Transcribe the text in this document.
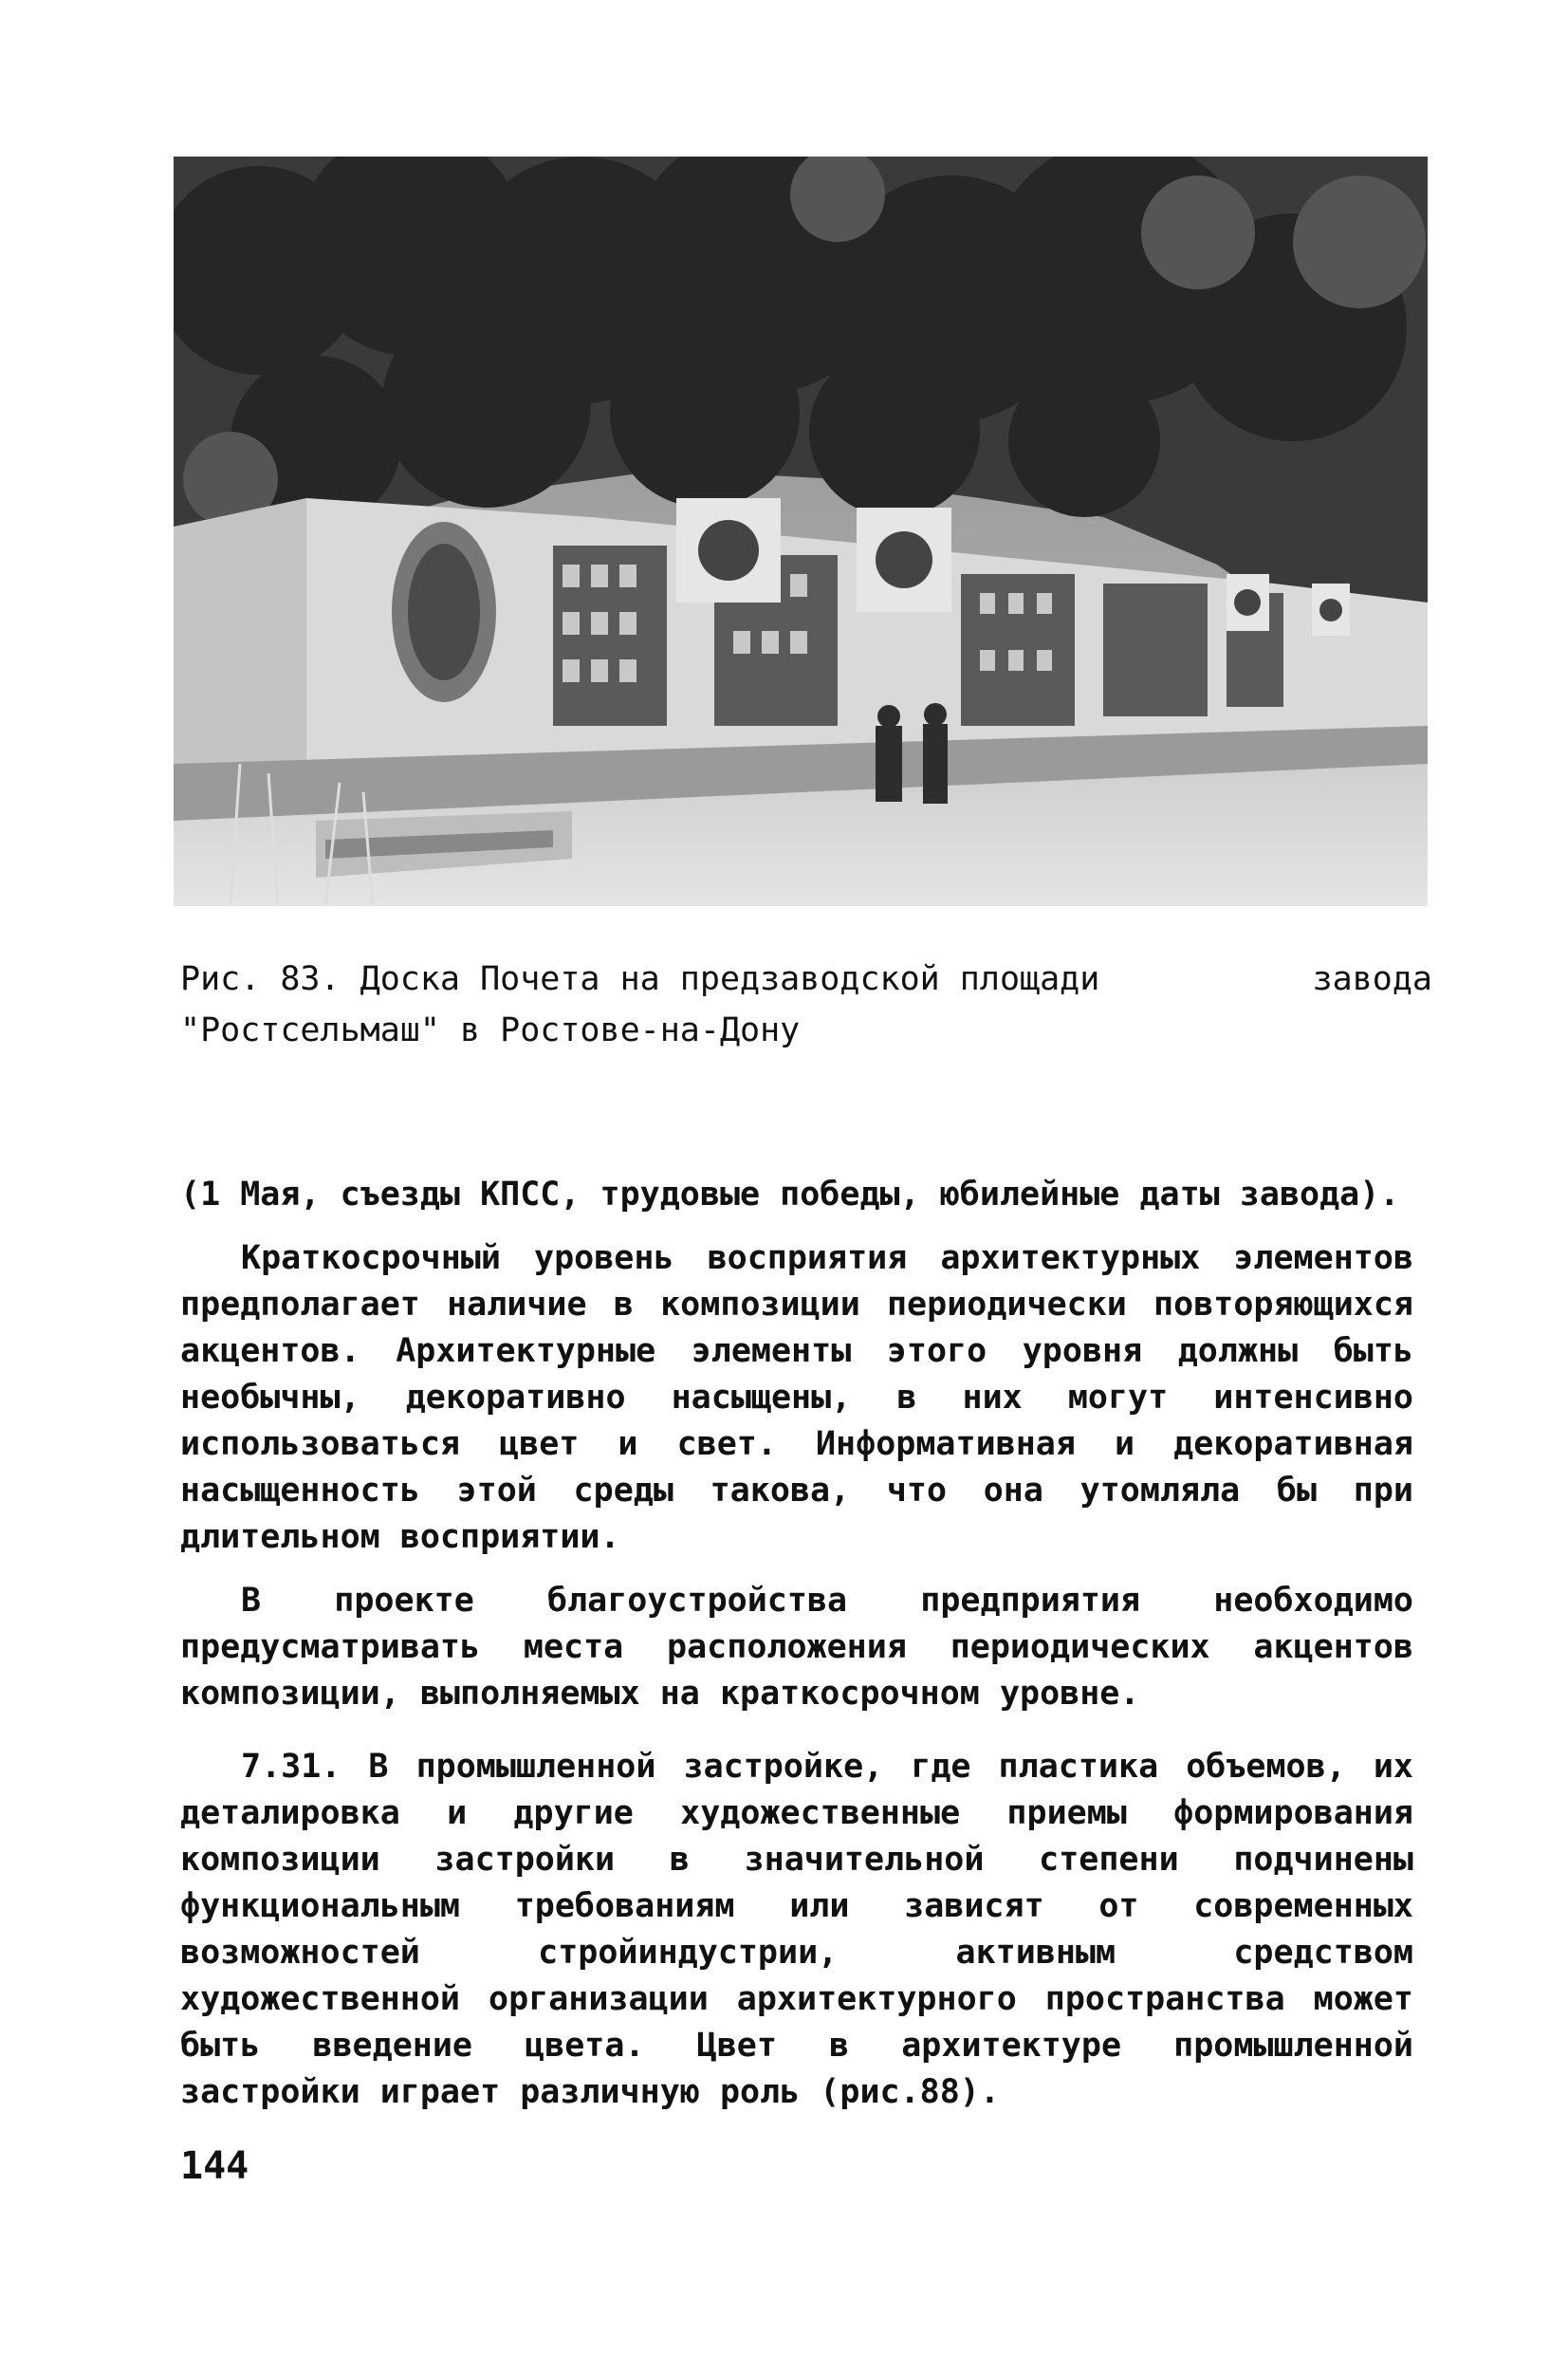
Рис. 83. Доска Почета на предзаводской площади	завода
"Ростсельмаш" в Ростове-на-Дону

(1 Мая, съезды КПСС, трудовые победы, юбилейные даты завода).

Краткосрочный уровень восприятия архитектурных элементов предполагает наличие в композиции периодически повторяющихся акцентов. Архитектурные элементы этого уровня должны быть необычны, декоративно насыщены, в них могут интенсивно использоваться цвет и свет. Информативная и декоративная насыщенность этой среды такова, что она утомляла бы при длительном восприятии.

В проекте благоустройства предприятия необходимо предусматривать места расположения периодических акцентов композиции, выполняемых на краткосрочном уровне.

7.31. В промышленной застройке, где пластика объемов, их деталировка и другие художественные приемы формирования композиции застройки в значительной степени подчинены функциональным требованиям или зависят от современных возможностей стройиндустрии, активным средством художественной организации архитектурного пространства может быть введение цвета. Цвет в архитектуре промышленной застройки играет различную роль (рис.88).

144
